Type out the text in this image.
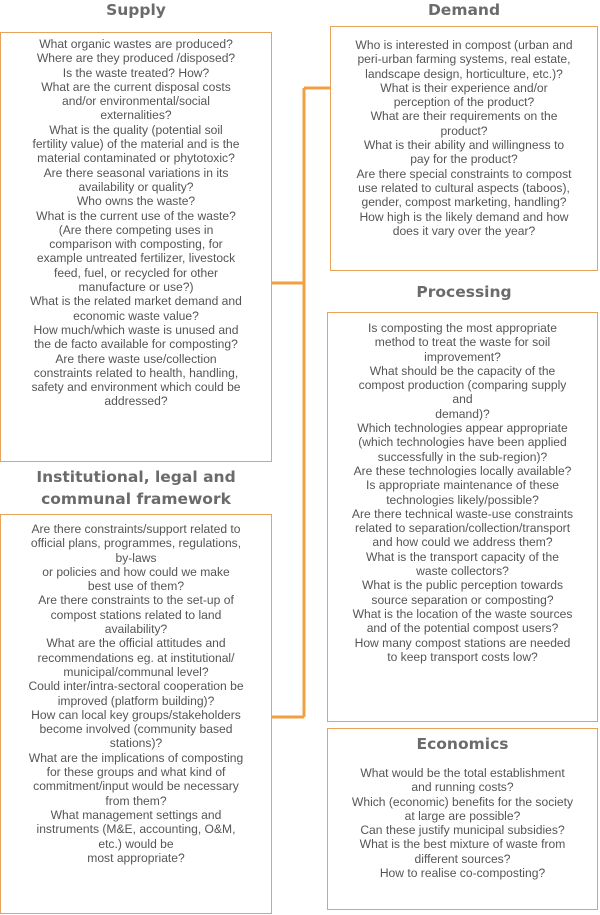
Supply
What organic wastes are produced?
Where are they produced /disposed?
Is the waste treated? How?
What are the current disposal costs
and/or environmental/social
externalities?
What is the quality (potential soil
fertility value) of the material and is the
material contaminated or phytotoxic?
Are there seasonal variations in its
availability or quality?
Who owns the waste?
What is the current use of the waste?
(Are there competing uses in
comparison with composting, for
example untreated fertilizer, livestock
feed, fuel, or recycled for other
manufacture or use?)
What is the related market demand and
economic waste value?
How much/which waste is unused and
the de facto available for composting?
Are there waste use/collection
constraints related to health, handling,
safety and environment which could be
addressed?
Institutional, legal and
communal framework
Are there constraints/support related to
official plans, programmes, regulations,
by-laws
or policies and how could we make
best use of them?
Are there constraints to the set-up of
compost stations related to land
availability?
What are the official attitudes and
recommendations eg. at institutional/
municipal/communal level?
Could inter/intra-sectoral cooperation be
improved (platform building)?
How can local key groups/stakeholders
become involved (community based
stations)?
What are the implications of composting
for these groups and what kind of
commitment/input would be necessary
from them?
What management settings and
instruments (M&E, accounting, O&M,
etc.) would be
most appropriate?
Demand
Who is interested in compost (urban and
peri-urban farming systems, real estate,
landscape design, horticulture, etc.)?
What is their experience and/or
perception of the product?
What are their requirements on the
product?
What is their ability and willingness to
pay for the product?
Are there special constraints to compost
use related to cultural aspects (taboos),
gender, compost marketing, handling?
How high is the likely demand and how
does it vary over the year?
Processing
Is composting the most appropriate
method to treat the waste for soil
improvement?
What should be the capacity of the
compost production (comparing supply
and
demand)?
Which technologies appear appropriate
(which technologies have been applied
successfully in the sub-region)?
Are these technologies locally available?
Is appropriate maintenance of these
technologies likely/possible?
Are there technical waste-use constraints
related to separation/collection/transport
and how could we address them?
What is the transport capacity of the
waste collectors?
What is the public perception towards
source separation or composting?
What is the location of the waste sources
and of the potential compost users?
How many compost stations are needed
to keep transport costs low?
Economics
What would be the total establishment
and running costs?
Which (economic) benefits for the society
at large are possible?
Can these justify municipal subsidies?
What is the best mixture of waste from
different sources?
How to realise co-composting?
